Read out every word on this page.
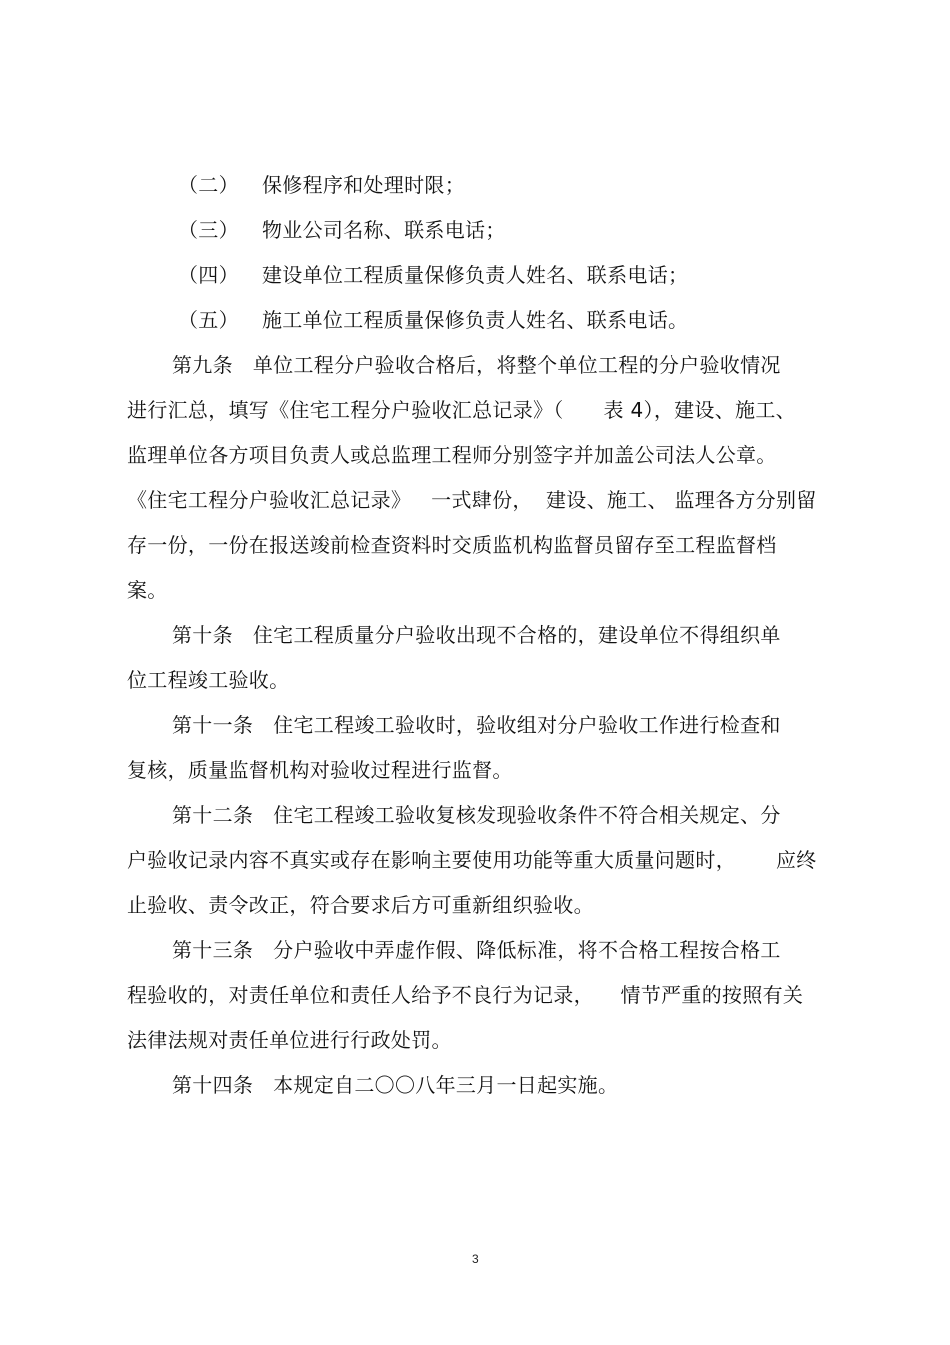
（二） 保修程序和处理时限；
（三） 物业公司名称、联系电话；
（四） 建设单位工程质量保修负责人姓名、联系电话；
（五） 施工单位工程质量保修负责人姓名、联系电话。
第九条   单位工程分户验收合格后，将整个单位工程的分户验收情况
进行汇总，填写《住宅工程分户验收汇总记录》（      表 4），建设、施工、
监理单位各方项目负责人或总监理工程师分别签字并加盖公司法人公章。
《住宅工程分户验收汇总记录》   一式肆份，  建设、施工、 监理各方分别留
存一份，一份在报送竣前检查资料时交质监机构监督员留存至工程监督档
案。
第十条   住宅工程质量分户验收出现不合格的，建设单位不得组织单
位工程竣工验收。
第十一条   住宅工程竣工验收时，验收组对分户验收工作进行检查和
复核，质量监督机构对验收过程进行监督。
第十二条   住宅工程竣工验收复核发现验收条件不符合相关规定、分
户验收记录内容不真实或存在影响主要使用功能等重大质量问题时，      应终
止验收、责令改正，符合要求后方可重新组织验收。
第十三条   分户验收中弄虚作假、降低标准，将不合格工程按合格工
程验收的，对责任单位和责任人给予不良行为记录，    情节严重的按照有关
法律法规对责任单位进行行政处罚。
第十四条   本规定自二〇〇八年三月一日起实施。
3
